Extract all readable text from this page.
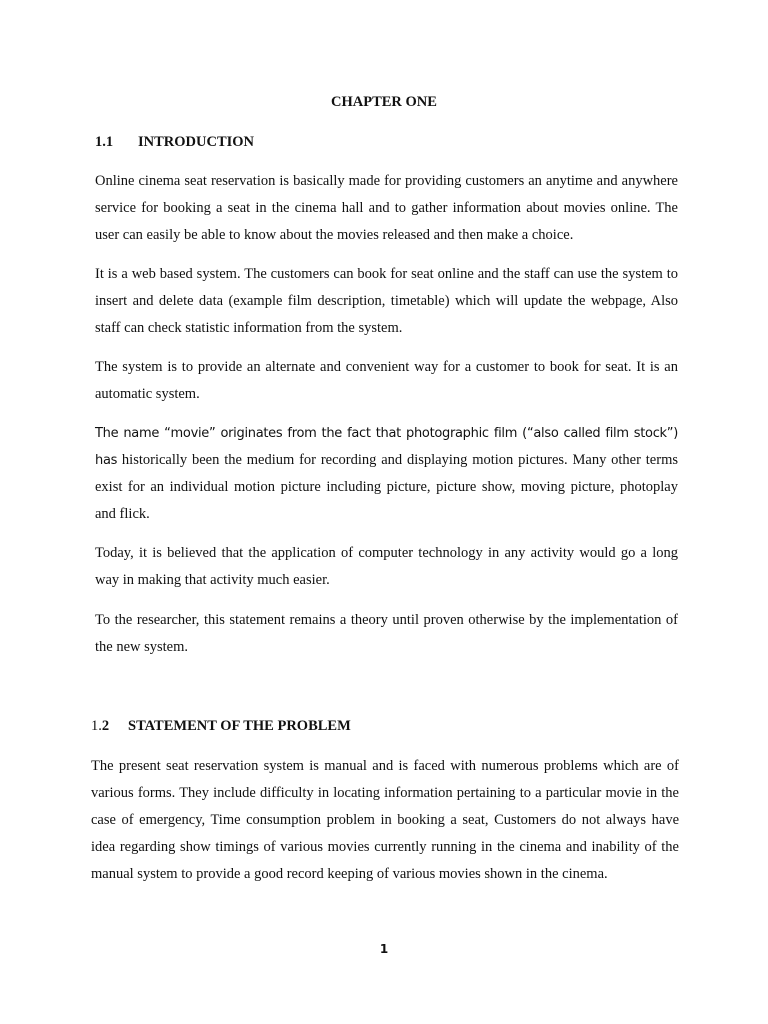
CHAPTER ONE
1.1 INTRODUCTION

Online cinema seat reservation is basically made for providing customers an anytime and anywhere service for booking a seat in the cinema hall and to gather information about movies online. The user can easily be able to know about the movies released and then make a choice.

It is a web based system. The customers can book for seat online and the staff can use the system to insert and delete data (example film description, timetable) which will update the webpage, Also staff can check statistic information from the system.

The system is to provide an alternate and convenient way for a customer to book for seat. It is an automatic system.

The name “movie” originates from the fact that photographic film (“also called film stock”) has historically been the medium for recording and displaying motion pictures. Many other terms exist for an individual motion picture including picture, picture show, moving picture, photoplay and flick.

Today, it is believed that the application of computer technology in any activity would go a long way in making that activity much easier.

To the researcher, this statement remains a theory until proven otherwise by the implementation of the new system.

1.2 STATEMENT OF THE PROBLEM

The present seat reservation system is manual and is faced with numerous problems which are of various forms. They include difficulty in locating information pertaining to a particular movie in the case of emergency, Time consumption problem in booking a seat, Customers do not always have idea regarding show timings of various movies currently running in the cinema and inability of the manual system to provide a good record keeping of various movies shown in the cinema.

1
